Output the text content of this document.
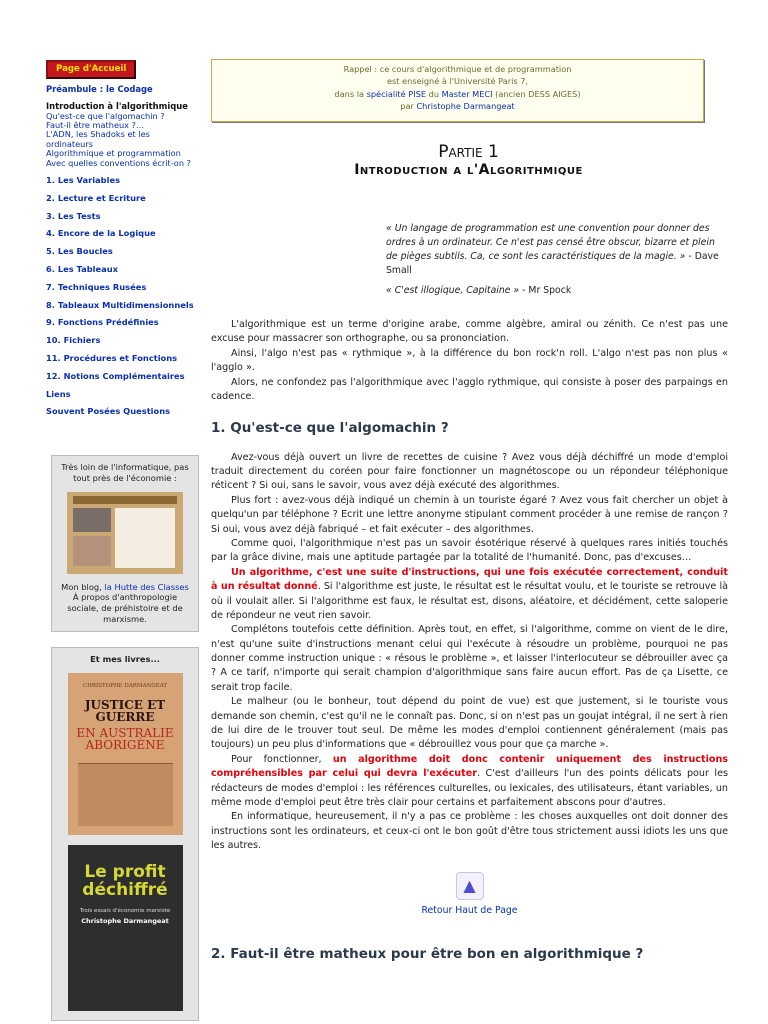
Page d'Accueil
Préambule : le Codage
Introduction à l'algorithmique
Qu'est-ce que l'algomachin ?
Faut-il être matheux ?...
L'ADN, les Shadoks et les ordinateurs
Algorithmique et programmation
Avec quelles conventions écrit-on ?
1. Les Variables
2. Lecture et Ecriture
3. Les Tests
4. Encore de la Logique
5. Les Boucles
6. Les Tableaux
7. Techniques Rusées
8. Tableaux Multidimensionnels
9. Fonctions Prédéfinies
10. Fichiers
11. Procédures et Fonctions
12. Notions Complémentaires
Liens
Souvent Posées Questions
Très loin de l'informatique, pas tout près de l'économie :
Mon blog, la Hutte des Classes
À propos d'anthropologie sociale, de préhistoire et de marxisme.
Et mes livres...
CHRISTOPHE DARMANGEAT
JUSTICE ET GUERRE
EN AUSTRALIE ABORIGÈNE
Le profit déchiffré
Trois essais d'économie marxiste
Christophe Darmangeat
Rappel : ce cours d'algorithmique et de programmation
est enseigné à l'Université Paris 7,
dans la spécialité PISE du Master MECI (ancien DESS AIGES)
par Christophe Darmangeat
Partie 1
Introduction a l'Algorithmique

« Un langage de programmation est une convention pour donner des ordres à un ordinateur. Ce n'est pas censé être obscur, bizarre et plein de pièges subtils. Ca, ce sont les caractéristiques de la magie. » - Dave Small

« C'est illogique, Capitaine » - Mr Spock

L'algorithmique est un terme d'origine arabe, comme algèbre, amiral ou zénith. Ce n'est pas une excuse pour massacrer son orthographe, ou sa prononciation.

Ainsi, l'algo n'est pas « rythmique », à la différence du bon rock'n roll. L'algo n'est pas non plus « l'agglo ».

Alors, ne confondez pas l'algorithmique avec l'agglo rythmique, qui consiste à poser des parpaings en cadence.

1. Qu'est-ce que l'algomachin ?

Avez-vous déjà ouvert un livre de recettes de cuisine ? Avez vous déjà déchiffré un mode d'emploi traduit directement du coréen pour faire fonctionner un magnétoscope ou un répondeur téléphonique réticent ? Si oui, sans le savoir, vous avez déjà exécuté des algorithmes.

Plus fort : avez-vous déjà indiqué un chemin à un touriste égaré ? Avez vous fait chercher un objet à quelqu'un par téléphone ? Ecrit une lettre anonyme stipulant comment procéder à une remise de rançon ? Si oui, vous avez déjà fabriqué – et fait exécuter – des algorithmes.

Comme quoi, l'algorithmique n'est pas un savoir ésotérique réservé à quelques rares initiés touchés par la grâce divine, mais une aptitude partagée par la totalité de l'humanité. Donc, pas d'excuses…

Un algorithme, c'est une suite d'instructions, qui une fois exécutée correctement, conduit à un résultat donné. Si l'algorithme est juste, le résultat est le résultat voulu, et le touriste se retrouve là où il voulait aller. Si l'algorithme est faux, le résultat est, disons, aléatoire, et décidément, cette saloperie de répondeur ne veut rien savoir.

Complétons toutefois cette définition. Après tout, en effet, si l'algorithme, comme on vient de le dire, n'est qu'une suite d'instructions menant celui qui l'exécute à résoudre un problème, pourquoi ne pas donner comme instruction unique : « résous le problème », et laisser l'interlocuteur se débrouiller avec ça ? A ce tarif, n'importe qui serait champion d'algorithmique sans faire aucun effort. Pas de ça Lisette, ce serait trop facile.

Le malheur (ou le bonheur, tout dépend du point de vue) est que justement, si le touriste vous demande son chemin, c'est qu'il ne le connaît pas. Donc, si on n'est pas un goujat intégral, il ne sert à rien de lui dire de le trouver tout seul. De même les modes d'emploi contiennent généralement (mais pas toujours) un peu plus d'informations que « débrouillez vous pour que ça marche ».

Pour fonctionner, un algorithme doit donc contenir uniquement des instructions compréhensibles par celui qui devra l'exécuter. C'est d'ailleurs l'un des points délicats pour les rédacteurs de modes d'emploi : les références culturelles, ou lexicales, des utilisateurs, étant variables, un même mode d'emploi peut être très clair pour certains et parfaitement abscons pour d'autres.

En informatique, heureusement, il n'y a pas ce problème : les choses auxquelles ont doit donner des instructions sont les ordinateurs, et ceux-ci ont le bon goût d'être tous strictement aussi idiots les uns que les autres.

▲
Retour Haut de Page
2. Faut-il être matheux pour être bon en algorithmique ?
